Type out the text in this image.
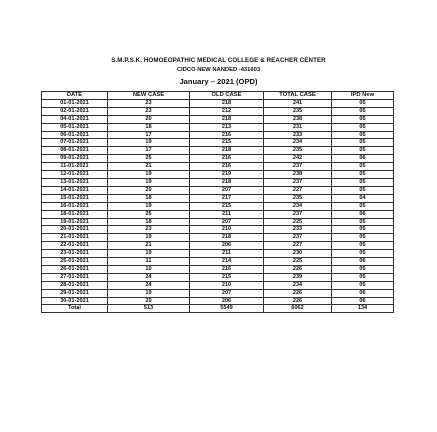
S.M.P.S.K. HOMOEOPATHIC MEDICAL COLLEGE & REACHER CENTER
CIDCO NEW NANDED -431603
January – 2021 (OPD)
DATE	NEW CASE	OLD CASE	TOTAL CASE	IPD New
01-01-2021	23	218	241	05
02-01-2021	23	212	235	05
04-01-2021	20	218	238	05
05-01-2021	18	213	231	05
06-01-2021	17	216	233	05
07-01-2021	19	215	234	05
08-01-2021	17	218	235	05
09-01-2021	26	216	242	06
11-01-2021	21	216	237	05
12-01-2021	19	219	238	05
13-01-2021	19	218	237	05
14-01-2021	20	207	227	05
15-01-2021	18	217	235	04
16-01-2021	19	215	234	05
18-01-2021	26	211	237	06
19-01-2021	18	207	225	05
20-01-2021	23	210	233	05
21-01-2021	19	218	237	05
22-01-2021	21	206	227	05
23-01-2021	19	211	230	05
25-01-2021	11	214	225	06
26-01-2021	10	216	226	05
27-01-2021	24	215	239	05
28-01-2021	24	210	234	05
29-01-2021	19	207	226	06
30-01-2021	20	206	226	06
Total	513	5549	6062	134
